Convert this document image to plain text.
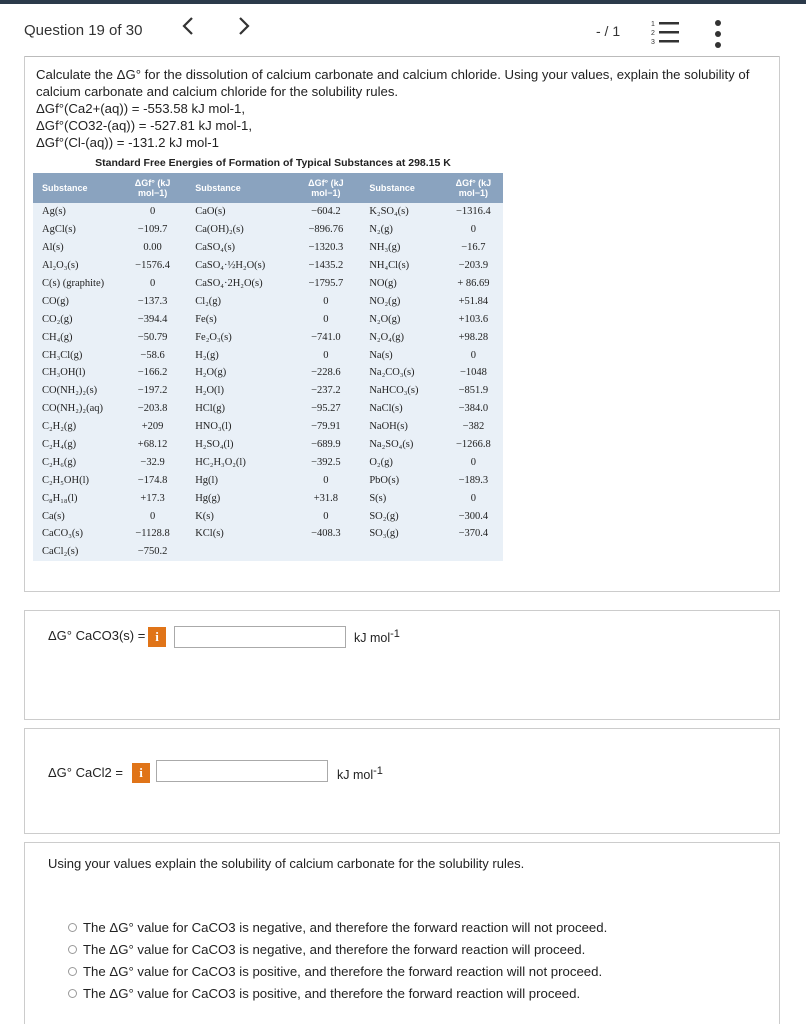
Question 19 of 30	- / 1	1
2
3

Calculate the ΔG° for the dissolution of calcium carbonate and calcium chloride. Using your values, explain the solubility of calcium carbonate and calcium chloride for the solubility rules.

ΔGf°(Ca2+(aq)) = -553.58 kJ mol-1,

ΔGf°(CO32-(aq)) = -527.81 kJ mol-1,

ΔGf°(Cl-(aq)) = -131.2 kJ mol-1

Standard Free Energies of Formation of Typical Substances at 298.15 K
Substance	ΔGf° (kJ mol−1)	Substance	ΔGf° (kJ mol−1)	Substance	ΔGf° (kJ mol−1)
Ag(s)	0	CaO(s)	−604.2	K₂SO₄(s)	−1316.4
AgCl(s)	−109.7	Ca(OH)₂(s)	−896.76	N₂(g)	0
Al(s)	0.00	CaSO₄(s)	−1320.3	NH₃(g)	−16.7
Al₂O₃(s)	−1576.4	CaSO₄·½H₂O(s)	−1435.2	NH₄Cl(s)	−203.9
C(s) (graphite)	0	CaSO₄·2H₂O(s)	−1795.7	NO(g)	+ 86.69
CO(g)	−137.3	Cl₂(g)	0	NO₂(g)	+51.84
CO₂(g)	−394.4	Fe(s)	0	N₂O(g)	+103.6
CH₄(g)	−50.79	Fe₂O₃(s)	−741.0	N₂O₄(g)	+98.28
CH₃Cl(g)	−58.6	H₂(g)	0	Na(s)	0
CH₃OH(l)	−166.2	H₂O(g)	−228.6	Na₂CO₃(s)	−1048
CO(NH₂)₂(s)	−197.2	H₂O(l)	−237.2	NaHCO₃(s)	−851.9
CO(NH₂)₂(aq)	−203.8	HCl(g)	−95.27	NaCl(s)	−384.0
C₂H₂(g)	+209	HNO₃(l)	−79.91	NaOH(s)	−382
C₂H₄(g)	+68.12	H₂SO₄(l)	−689.9	Na₂SO₄(s)	−1266.8
C₂H₆(g)	−32.9	HC₂H₃O₂(l)	−392.5	O₂(g)	0
C₂H₅OH(l)	−174.8	Hg(l)	0	PbO(s)	−189.3
C₈H₁₈(l)	+17.3	Hg(g)	+31.8	S(s)	0
Ca(s)	0	K(s)	0	SO₂(g)	−300.4
CaCO₃(s)	−1128.8	KCl(s)	−408.3	SO₃(g)	−370.4
CaCl₂(s)	−750.2				
ΔG° CaCO3(s) = i	kJ mol$^{-1}$
ΔG° CaCl2 =	i	kJ mol$^{-1}$
Using your values explain the solubility of calcium carbonate for the solubility rules.
The ΔG° value for CaCO3 is negative, and therefore the forward reaction will not proceed.
The ΔG° value for CaCO3 is negative, and therefore the forward reaction will proceed.
The ΔG° value for CaCO3 is positive, and therefore the forward reaction will not proceed.
The ΔG° value for CaCO3 is positive, and therefore the forward reaction will proceed.
